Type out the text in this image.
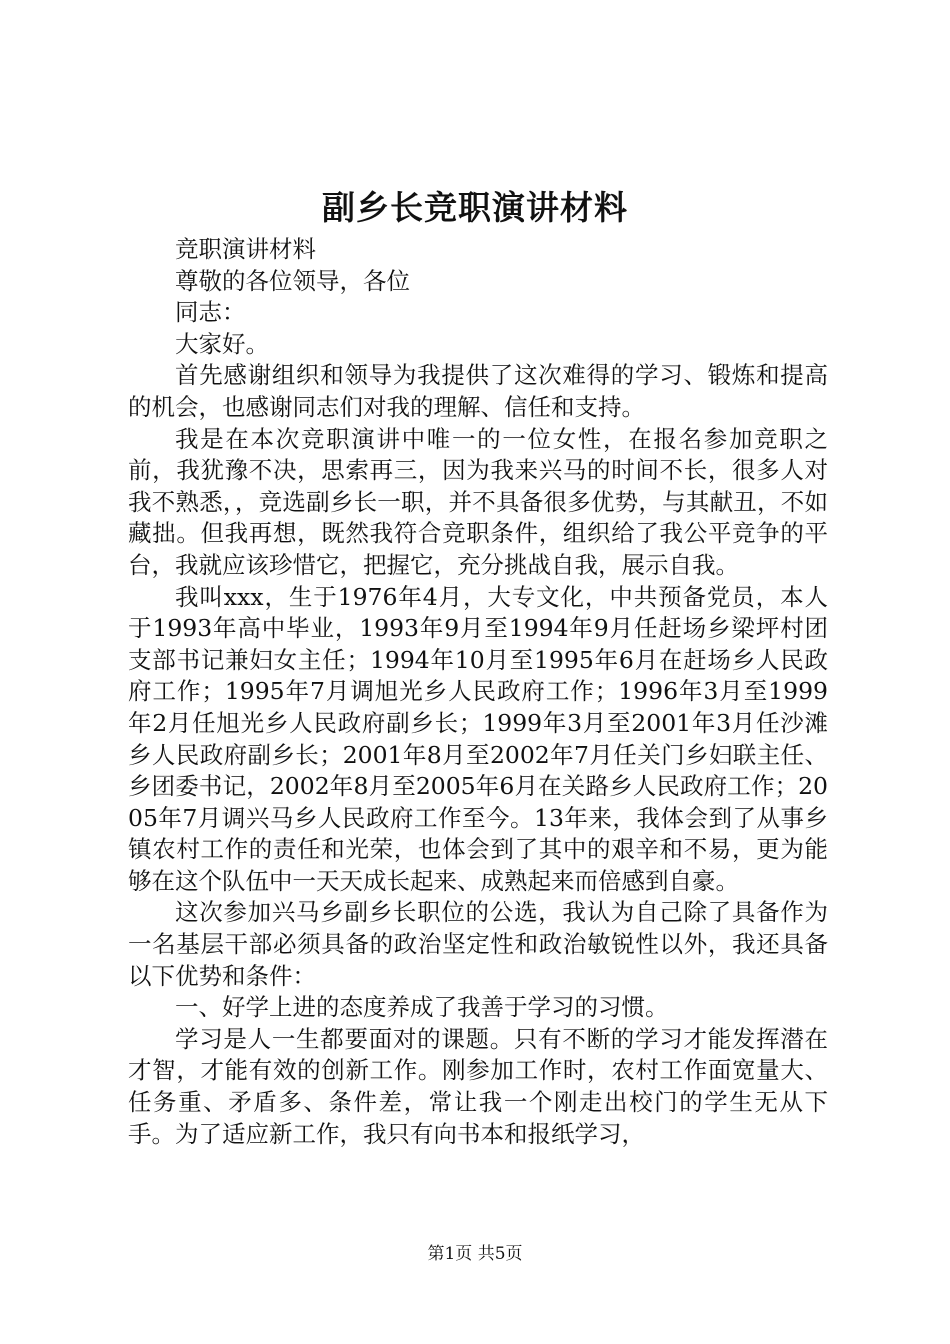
副乡长竞职演讲材料

竞职演讲材料

尊敬的各位领导，各位

同志：

大家好。

首先感谢组织和领导为我提供了这次难得的学习、锻炼和提高的机会，也感谢同志们对我的理解、信任和支持。

我是在本次竞职演讲中唯一的一位女性，在报名参加竞职之前，我犹豫不决，思索再三，因为我来兴马的时间不长，很多人对我不熟悉，，竞选副乡长一职，并不具备很多优势，与其献丑，不如藏拙。但我再想，既然我符合竞职条件，组织给了我公平竞争的平台，我就应该珍惜它，把握它，充分挑战自我，展示自我。

我叫xxx，生于1976年4月，大专文化，中共预备党员，本人于1993年高中毕业，1993年9月至1994年9月任赶场乡梁坪村团支部书记兼妇女主任；1994年10月至1995年6月在赶场乡人民政府工作；1995年7月调旭光乡人民政府工作；1996年3月至1999年2月任旭光乡人民政府副乡长；1999年3月至2001年3月任沙滩乡人民政府副乡长；2001年8月至2002年7月任关门乡妇联主任、乡团委书记，2002年8月至2005年6月在关路乡人民政府工作；2005年7月调兴马乡人民政府工作至今。13年来，我体会到了从事乡镇农村工作的责任和光荣，也体会到了其中的艰辛和不易，更为能够在这个队伍中一天天成长起来、成熟起来而倍感到自豪。

这次参加兴马乡副乡长职位的公选，我认为自己除了具备作为一名基层干部必须具备的政治坚定性和政治敏锐性以外，我还具备以下优势和条件：

一、好学上进的态度养成了我善于学习的习惯。

学习是人一生都要面对的课题。只有不断的学习才能发挥潜在才智，才能有效的创新工作。刚参加工作时，农村工作面宽量大、任务重、矛盾多、条件差，常让我一个刚走出校门的学生无从下手。为了适应新工作，我只有向书本和报纸学习，

第1页 共5页
